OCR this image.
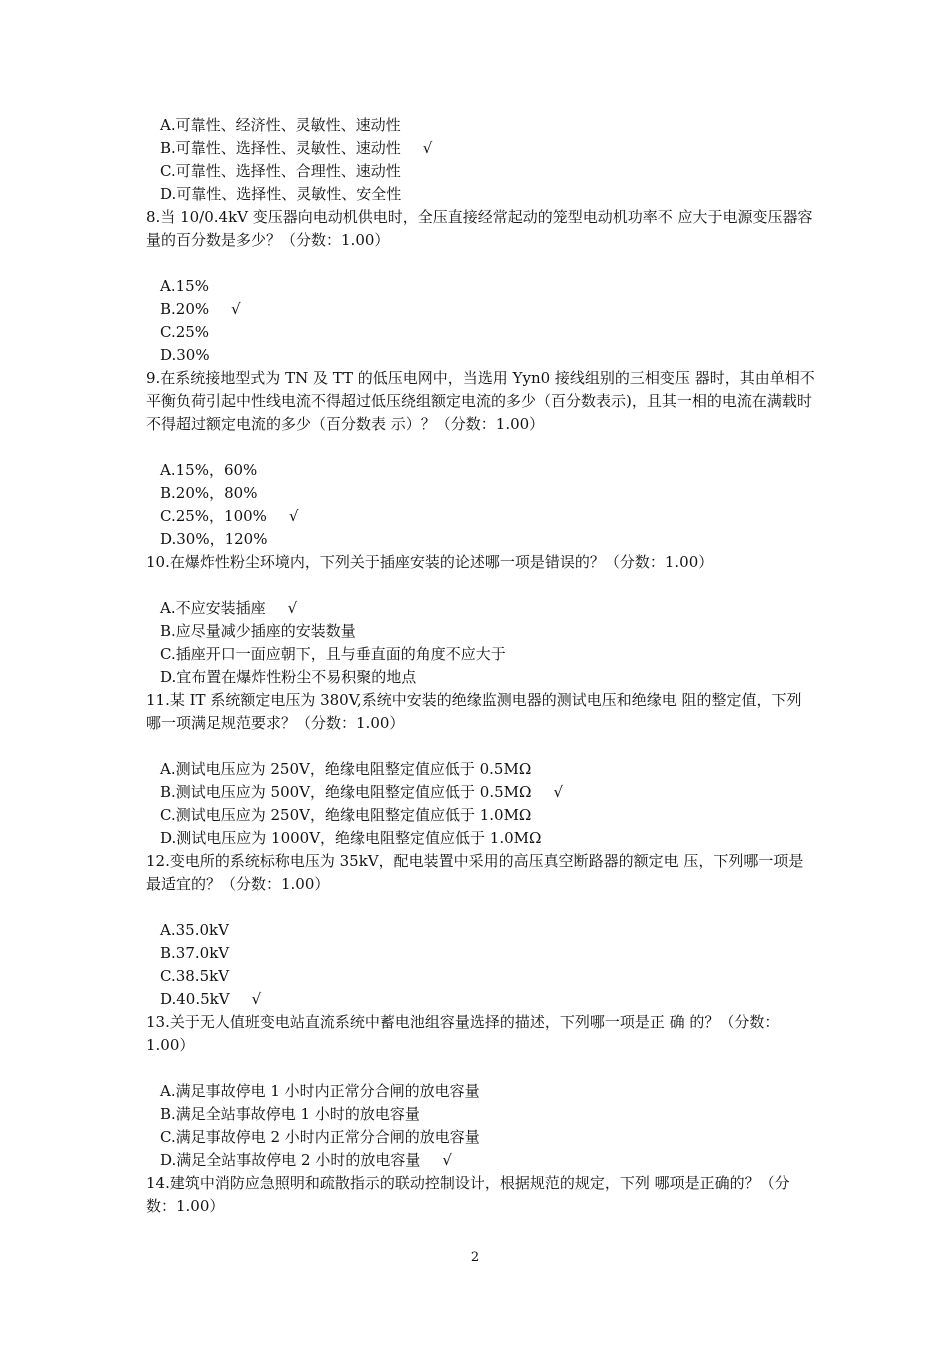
A.可靠性、经济性、灵敏性、速动性
B.可靠性、选择性、灵敏性、速动性 √
C.可靠性、选择性、合理性、速动性
D.可靠性、选择性、灵敏性、安全性

8.当 10/0.4kV 变压器向电动机供电时，全压直接经常起动的笼型电动机功率不 应大于电源变压器容量的百分数是多少？（分数：1.00）

A.15%
B.20% √
C.25%
D.30%

9.在系统接地型式为 TN 及 TT 的低压电网中，当选用 Yyn0 接线组别的三相变压 器时，其由单相不平衡负荷引起中性线电流不得超过低压绕组额定电流的多少（百分数表示)，且其一相的电流在满载时不得超过额定电流的多少（百分数表 示）？（分数：1.00）

A.15%，60%
B.20%，80%
C.25%，100% √
D.30%，120%

10.在爆炸性粉尘环境内，下列关于插座安装的论述哪一项是错误的？（分数：1.00）

A.不应安装插座 √
B.应尽量减少插座的安装数量
C.插座开口一面应朝下，且与垂直面的角度不应大于
D.宜布置在爆炸性粉尘不易积聚的地点

11.某 IT 系统额定电压为 380V,系统中安装的绝缘监测电器的测试电压和绝缘电 阻的整定值，下列哪一项满足规范要求？（分数：1.00）

A.测试电压应为 250V，绝缘电阻整定值应低于 0.5MΩ
B.测试电压应为 500V，绝缘电阻整定值应低于 0.5MΩ √
C.测试电压应为 250V，绝缘电阻整定值应低于 1.0MΩ
D.测试电压应为 1000V，绝缘电阻整定值应低于 1.0MΩ

12.变电所的系统标称电压为 35kV，配电装置中采用的高压真空断路器的额定电 压，下列哪一项是最适宜的？（分数：1.00）

A.35.0kV
B.37.0kV
C.38.5kV
D.40.5kV √

13.关于无人值班变电站直流系统中蓄电池组容量选择的描述，下列哪一项是正 确 的？（分数：1.00）

A.满足事故停电 1 小时内正常分合闸的放电容量
B.满足全站事故停电 1 小时的放电容量
C.满足事故停电 2 小时内正常分合闸的放电容量
D.满足全站事故停电 2 小时的放电容量 √

14.建筑中消防应急照明和疏散指示的联动控制设计，根据规范的规定，下列 哪项是正确的？（分数：1.00）

2
